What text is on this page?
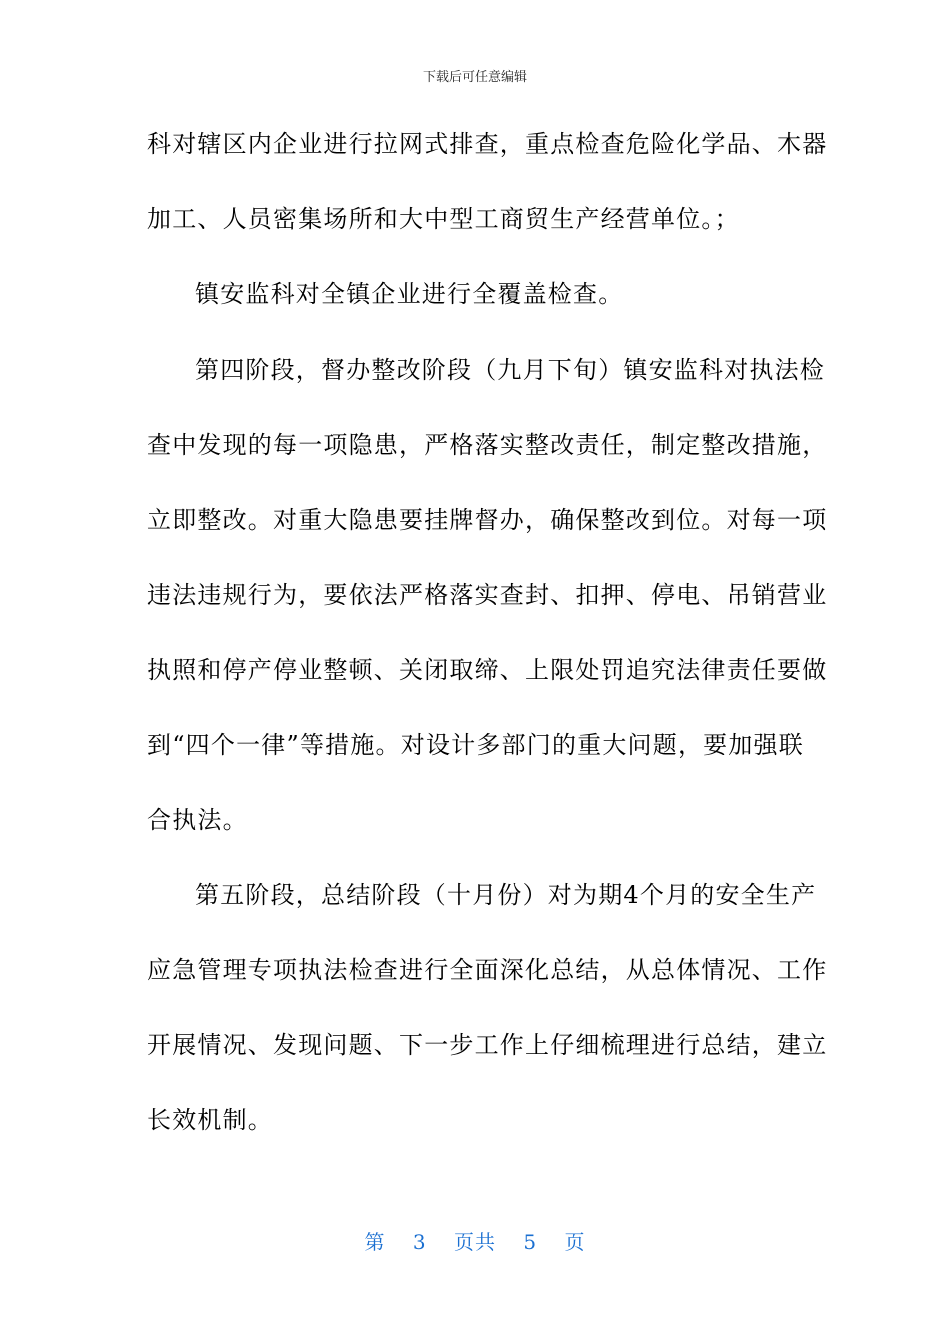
下载后可任意编辑
科对辖区内企业进行拉网式排查，重点检查危险化学品、木器
加工、人员密集场所和大中型工商贸生产经营单位。；
镇安监科对全镇企业进行全覆盖检查。
第四阶段，督办整改阶段（九月下旬）镇安监科对执法检
查中发现的每一项隐患，严格落实整改责任，制定整改措施，
立即整改。对重大隐患要挂牌督办，确保整改到位。对每一项
违法违规行为，要依法严格落实查封、扣押、停电、吊销营业
执照和停产停业整顿、关闭取缔、上限处罚追究法律责任要做
到“四个一律”等措施。对设计多部门的重大问题，要加强联
合执法。
第五阶段，总结阶段（十月份）对为期4个月的安全生产
应急管理专项执法检查进行全面深化总结，从总体情况、工作
开展情况、发现问题、下一步工作上仔细梳理进行总结，建立
长效机制。
第 3 页共 5 页
